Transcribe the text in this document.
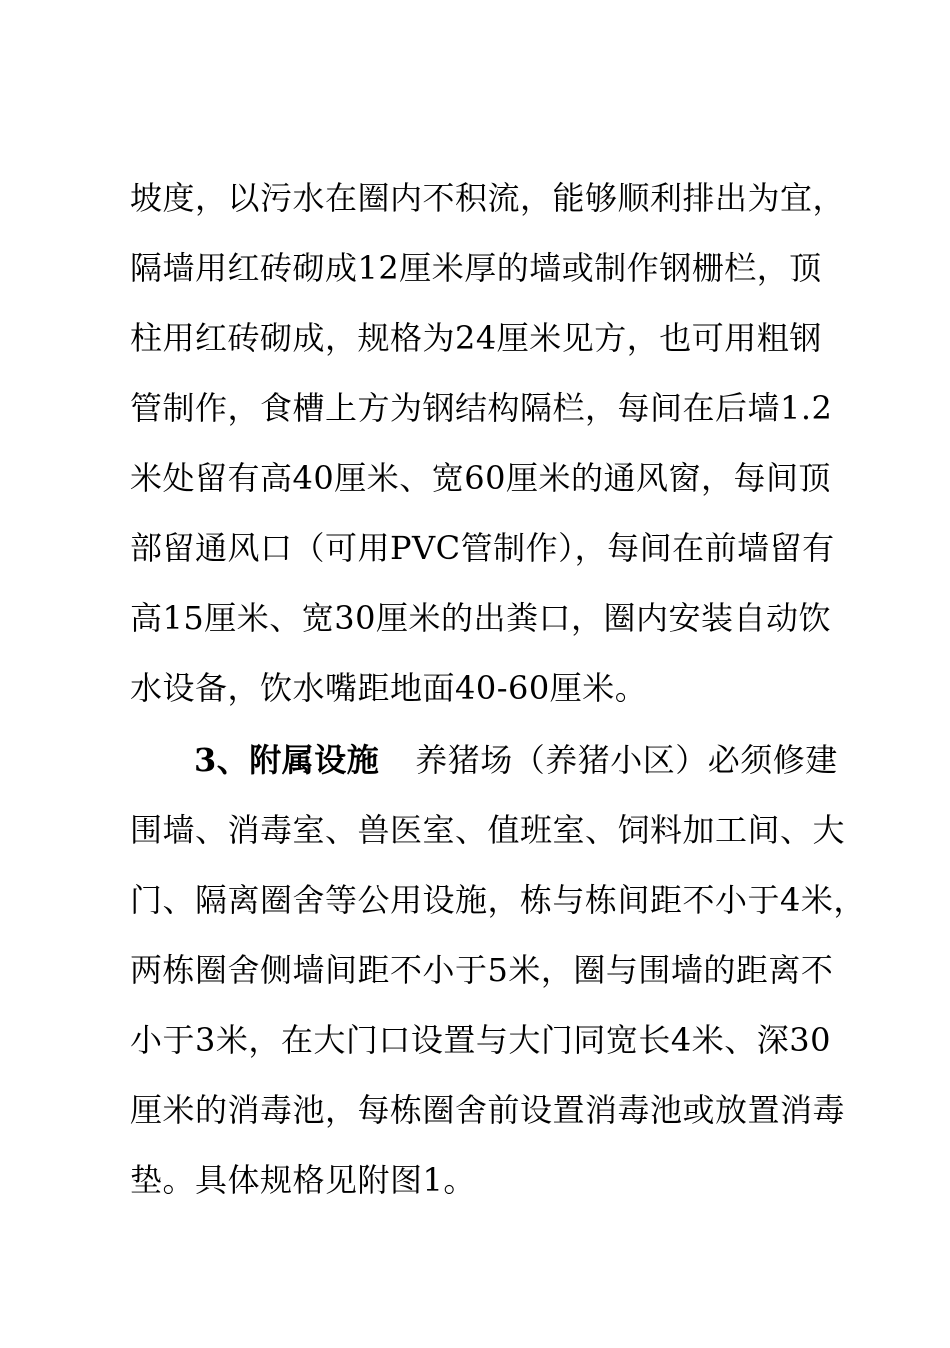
坡度，以污水在圈内不积流，能够顺利排出为宜，
隔墙用红砖砌成12厘米厚的墙或制作钢栅栏，顶
柱用红砖砌成，规格为24厘米见方，也可用粗钢
管制作，食槽上方为钢结构隔栏，每间在后墙1.2
米处留有高40厘米、宽60厘米的通风窗，每间顶
部留通风口（可用PVC管制作），每间在前墙留有
高15厘米、宽30厘米的出粪口，圈内安装自动饮
水设备，饮水嘴距地面40-60厘米。
3、附属设施 养猪场（养猪小区）必须修建
围墙、消毒室、兽医室、值班室、饲料加工间、大
门、隔离圈舍等公用设施，栋与栋间距不小于4米，
两栋圈舍侧墙间距不小于5米，圈与围墙的距离不
小于3米，在大门口设置与大门同宽长4米、深30
厘米的消毒池，每栋圈舍前设置消毒池或放置消毒
垫。具体规格见附图1。
